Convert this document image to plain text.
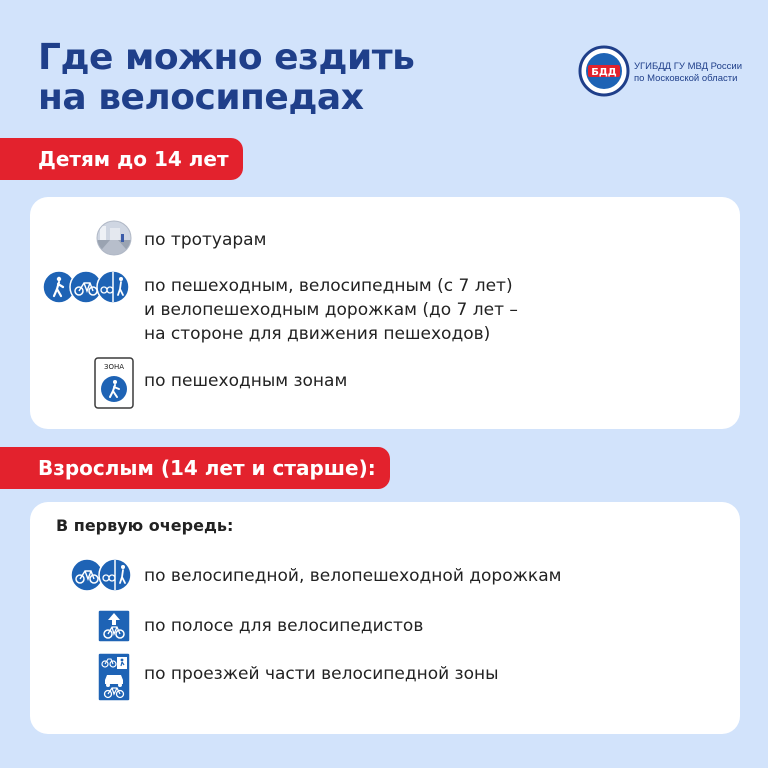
Где можно ездить
на велосипедах
БДД
УГИБДД ГУ МВД России
по Московской области
Детям до 14 лет
по тротуарам
по пешеходным, велосипедным (с 7 лет)
и велопешеходным дорожкам (до 7 лет –
на стороне для движения пешеходов)
ЗОНА
по пешеходным зонам
Взрослым (14 лет и старше):
В первую очередь:
по велосипедной, велопешеходной дорожкам
по полосе для велосипедистов
по проезжей части велосипедной зоны
